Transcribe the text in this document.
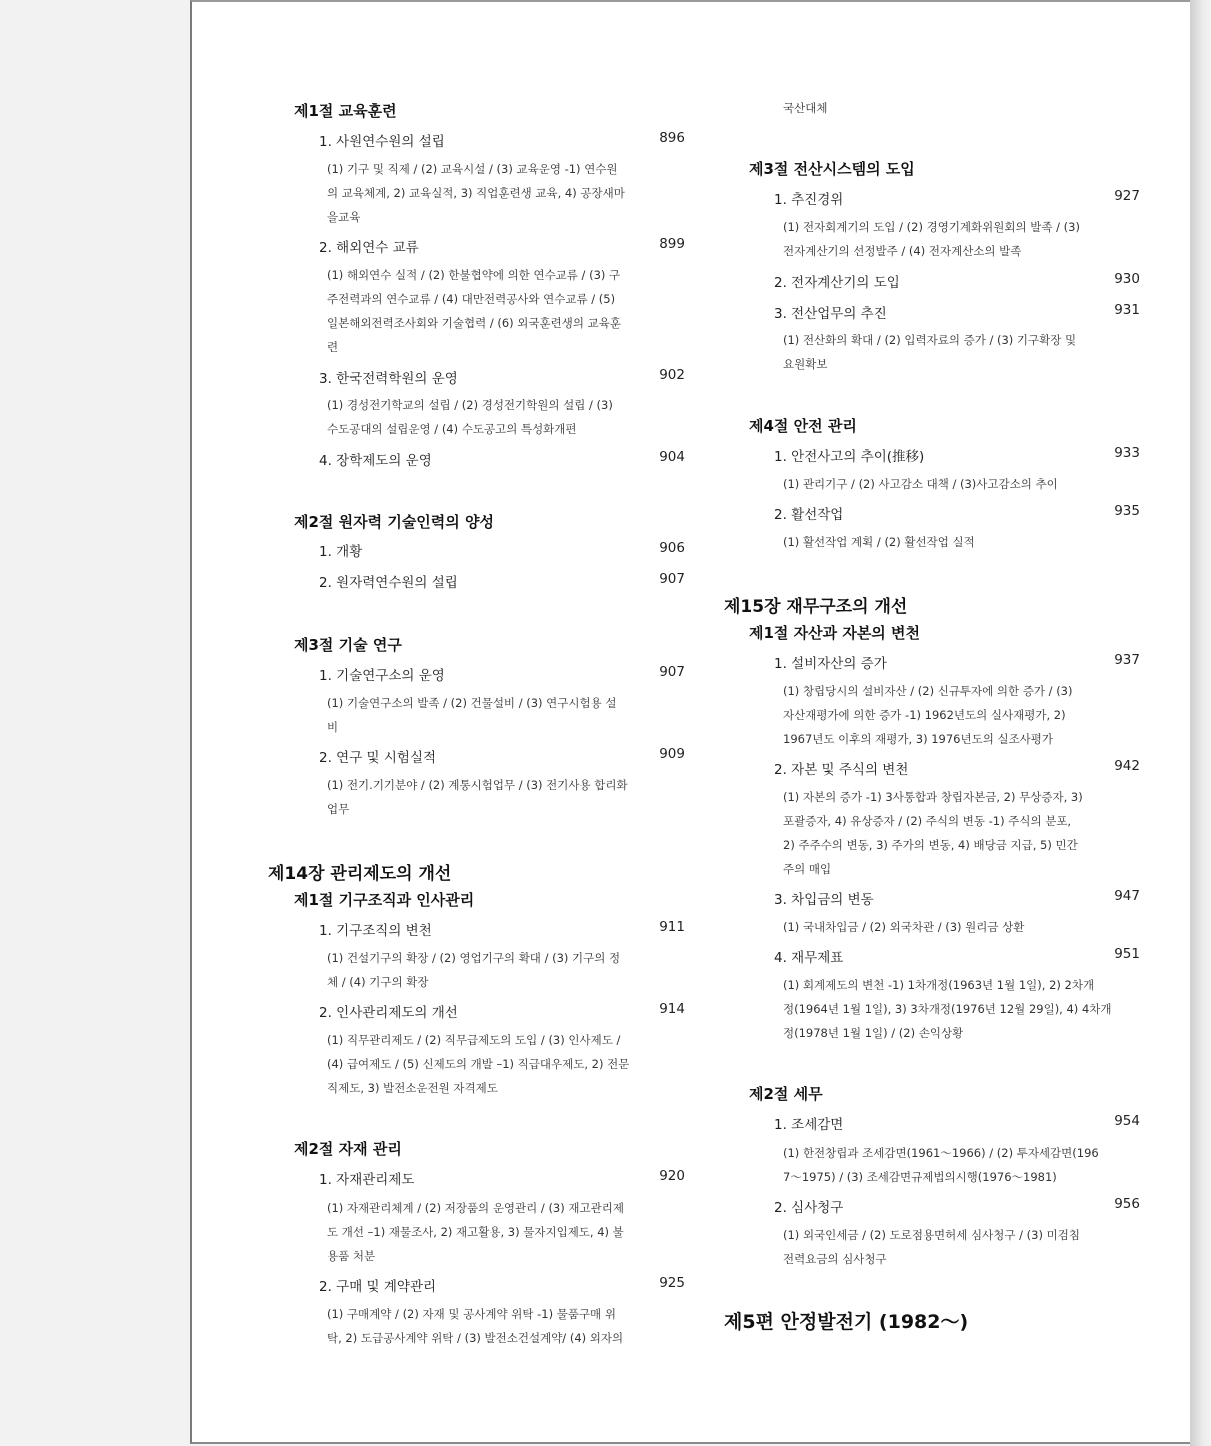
제1절 교육훈련
1. 사원연수원의 설립	896
(1) 기구 및 직제 / (2) 교육시설 / (3) 교육운영 -1) 연수원
의 교육체계, 2) 교육실적, 3) 직업훈련생 교육, 4) 공장새마
을교육
2. 해외연수 교류	899
(1) 해외연수 실적 / (2) 한불협약에 의한 연수교류 / (3) 구
주전력과의 연수교류 / (4) 대만전력공사와 연수교류 / (5)
일본해외전력조사회와 기술협력 / (6) 외국훈련생의 교육훈
련
3. 한국전력학원의 운영	902
(1) 경성전기학교의 설립 / (2) 경성전기학원의 설립 / (3)
수도공대의 설립운영 / (4) 수도공고의 특성화개편
4. 장학제도의 운영	904
제2절 원자력 기술인력의 양성
1. 개황	906
2. 원자력연수원의 설립	907
제3절 기술 연구
1. 기술연구소의 운영	907
(1) 기술연구소의 발족 / (2) 건물설비 / (3) 연구시험용 설
비
2. 연구 및 시험실적	909
(1) 전기.기기분야 / (2) 계통시험업무 / (3) 전기사용 합리화
업무
제14장 관리제도의 개선
제1절 기구조직과 인사관리
1. 기구조직의 변천	911
(1) 건설기구의 확장 / (2) 영업기구의 확대 / (3) 기구의 정
체 / (4) 기구의 확장
2. 인사관리제도의 개선	914
(1) 직무관리제도 / (2) 직무급제도의 도입 / (3) 인사제도 /
(4) 급여제도 / (5) 신제도의 개발 –1) 직급대우제도, 2) 전문
직제도, 3) 발전소운전원 자격제도
제2절 자재 관리
1. 자재관리제도	920
(1) 자재관리체계 / (2) 저장품의 운영관리 / (3) 재고관리제
도 개선 –1) 재물조사, 2) 재고활용, 3) 물자지입제도, 4) 불
용품 처분
2. 구매 및 계약관리	925
(1) 구매계약 / (2) 자재 및 공사계약 위탁 -1) 물품구매 위
탁, 2) 도급공사계약 위탁 / (3) 발전소건설계약/ (4) 외자의
국산대체
제3절 전산시스템의 도입
1. 추진경위	927
(1) 전자회계기의 도입 / (2) 경영기계화위원회의 발족 / (3)
전자계산기의 선정발주 / (4) 전자계산소의 발족
2. 전자계산기의 도입	930
3. 전산업무의 추진	931
(1) 전산화의 확대 / (2) 입력자료의 증가 / (3) 기구확장 및
요원확보
제4절 안전 관리
1. 안전사고의 추이(推移)	933
(1) 관리기구 / (2) 사고감소 대책 / (3)사고감소의 추이
2. 활선작업	935
(1) 활선작업 계획 / (2) 활선작업 실적
제15장 재무구조의 개선
제1절 자산과 자본의 변천
1. 설비자산의 증가	937
(1) 창립당시의 설비자산 / (2) 신규투자에 의한 증가 / (3)
자산재평가에 의한 증가 -1) 1962년도의 실사재평가, 2)
1967년도 이후의 재평가, 3) 1976년도의 실조사평가
2. 자본 및 주식의 변천	942
(1) 자본의 증가 -1) 3사통합과 창립자본금, 2) 무상증자, 3)
포괄증자, 4) 유상증자 / (2) 주식의 변동 -1) 주식의 분포,
2) 주주수의 변동, 3) 주가의 변동, 4) 배당금 지급, 5) 민간
주의 매입
3. 차입금의 변동	947
(1) 국내차입금 / (2) 외국차관 / (3) 원리금 상환
4. 재무제표	951
(1) 회계제도의 변천 -1) 1차개정(1963년 1월 1일), 2) 2차개
정(1964년 1월 1일), 3) 3차개정(1976년 12월 29일), 4) 4차개
정(1978년 1월 1일) / (2) 손익상황
제2절 세무
1. 조세감면	954
(1) 한전창립과 조세감면(1961～1966) / (2) 투자세감면(196
7～1975) / (3) 조세감면규제법의시행(1976～1981)
2. 심사청구	956
(1) 외국인세금 / (2) 도로점용면허세 심사청구 / (3) 미검침
전력요금의 심사청구
제5편 안정발전기 (1982～)
